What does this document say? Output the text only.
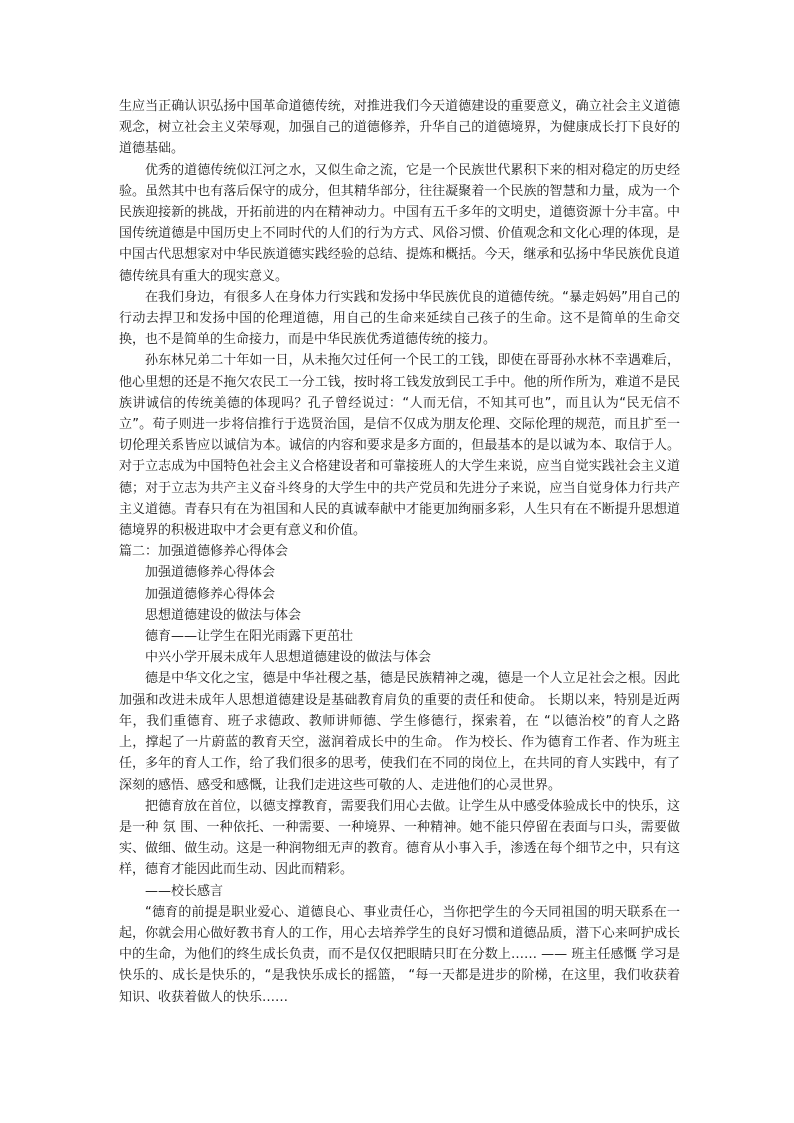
生应当正确认识弘扬中国革命道德传统，对推进我们今天道德建设的重要意义，确立社会主义道德观念，树立社会主义荣辱观，加强自己的道德修养，升华自己的道德境界，为健康成长打下良好的道德基础。

优秀的道德传统似江河之水，又似生命之流，它是一个民族世代累积下来的相对稳定的历史经验。虽然其中也有落后保守的成分，但其精华部分，往往凝聚着一个民族的智慧和力量，成为一个民族迎接新的挑战，开拓前进的内在精神动力。中国有五千多年的文明史，道德资源十分丰富。中国传统道德是中国历史上不同时代的人们的行为方式、风俗习惯、价值观念和文化心理的体现，是中国古代思想家对中华民族道德实践经验的总结、提炼和概括。今天，继承和弘扬中华民族优良道德传统具有重大的现实意义。

在我们身边，有很多人在身体力行实践和发扬中华民族优良的道德传统。“暴走妈妈”用自己的行动去捍卫和发扬中国的伦理道德，用自己的生命来延续自己孩子的生命。这不是简单的生命交换，也不是简单的生命接力，而是中华民族优秀道德传统的接力。

孙东林兄弟二十年如一日，从未拖欠过任何一个民工的工钱，即使在哥哥孙水林不幸遇难后，他心里想的还是不拖欠农民工一分工钱，按时将工钱发放到民工手中。他的所作所为，难道不是民族讲诚信的传统美德的体现吗？孔子曾经说过：“人而无信，不知其可也”，而且认为“民无信不立”。荀子则进一步将信推行于选贤治国，是信不仅成为朋友伦理、交际伦理的规范，而且扩至一切伦理关系皆应以诚信为本。诚信的内容和要求是多方面的，但最基本的是以诚为本、取信于人。对于立志成为中国特色社会主义合格建设者和可靠接班人的大学生来说，应当自觉实践社会主义道德；对于立志为共产主义奋斗终身的大学生中的共产党员和先进分子来说，应当自觉身体力行共产主义道德。青春只有在为祖国和人民的真诚奉献中才能更加绚丽多彩，人生只有在不断提升思想道德境界的积极进取中才会更有意义和价值。

篇二：加强道德修养心得体会

加强道德修养心得体会

加强道德修养心得体会

思想道德建设的做法与体会

德育——让学生在阳光雨露下更茁壮

中兴小学开展未成年人思想道德建设的做法与体会

德是中华文化之宝，德是中华社稷之基，德是民族精神之魂，德是一个人立足社会之根。因此加强和改进未成年人思想道德建设是基础教育肩负的重要的责任和使命。 长期以来，特别是近两年，我们重德育、班子求德政、教师讲师德、学生修德行，探索着，在 “以德治校”的育人之路上，撑起了一片蔚蓝的教育天空，滋润着成长中的生命。 作为校长、作为德育工作者、作为班主任，多年的育人工作，给了我们很多的思考，使我们在不同的岗位上，在共同的育人实践中，有了深刻的感悟、感受和感慨，让我们走进这些可敬的人、走进他们的心灵世界。

把德育放在首位，以德支撑教育，需要我们用心去做。让学生从中感受体验成长中的快乐，这是一种 氛 围、一种依托、一种需要、一种境界、一种精神。她不能只停留在表面与口头，需要做实、做细、做生动。这是一种润物细无声的教育。德育从小事入手，渗透在每个细节之中，只有这样，德育才能因此而生动、因此而精彩。

——校长感言

“德育的前提是职业爱心、道德良心、事业责任心，当你把学生的今天同祖国的明天联系在一起，你就会用心做好教书育人的工作，用心去培养学生的良好习惯和道德品质，潜下心来呵护成长中的生命，为他们的终生成长负责，而不是仅仅把眼睛只盯在分数上…… —— 班主任感慨 学习是快乐的、成长是快乐的，“是我快乐成长的摇篮， “每一天都是进步的阶梯，在这里，我们收获着知识、收获着做人的快乐……
